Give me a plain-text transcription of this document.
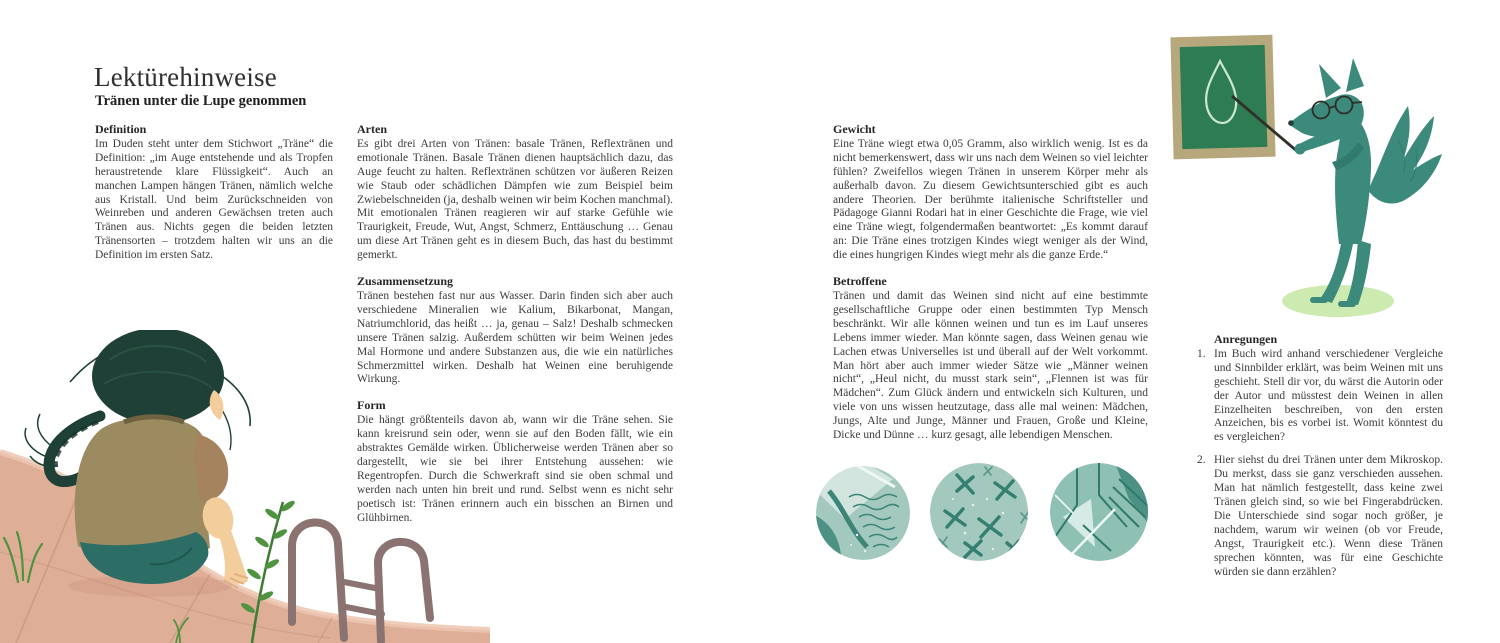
Lektürehinweise
Tränen unter die Lupe genommen
Definition

Im Duden steht unter dem Stichwort „Träne“ die Definition: „im Auge entstehende und als Tropfen heraustretende klare Flüssigkeit“. Auch an manchen Lampen hängen Tränen, nämlich welche aus Kristall. Und beim Zurückschneiden von Weinreben und anderen Gewächsen treten auch Tränen aus. Nichts gegen die beiden letzten Tränensorten – trotzdem halten wir uns an die Definition im ersten Satz.

Arten

Es gibt drei Arten von Tränen: basale Tränen, Reflextränen und emotionale Tränen. Basale Tränen dienen hauptsächlich dazu, das Auge feucht zu halten. Reflextränen schützen vor äußeren Reizen wie Staub oder schädlichen Dämpfen wie zum Beispiel beim Zwiebelschneiden (ja, deshalb weinen wir beim Kochen manchmal). Mit emotionalen Tränen reagieren wir auf starke Gefühle wie Traurigkeit, Freude, Wut, Angst, Schmerz, Enttäuschung … Genau um diese Art Tränen geht es in diesem Buch, das hast du bestimmt gemerkt.

Zusammensetzung

Tränen bestehen fast nur aus Wasser. Darin finden sich aber auch verschiedene Mineralien wie Kalium, Bikarbonat, Mangan, Natriumchlorid, das heißt … ja, genau – Salz! Deshalb schmecken unsere Tränen salzig. Außerdem schütten wir beim Weinen jedes Mal Hormone und andere Substanzen aus, die wie ein natürliches Schmerzmittel wirken. Deshalb hat Weinen eine beruhigende Wirkung.

Form

Die hängt größtenteils davon ab, wann wir die Träne sehen. Sie kann kreisrund sein oder, wenn sie auf den Boden fällt, wie ein abstraktes Gemälde wirken. Üblicherweise werden Tränen aber so dargestellt, wie sie bei ihrer Entstehung aussehen: wie Regentropfen. Durch die Schwerkraft sind sie oben schmal und werden nach unten hin breit und rund. Selbst wenn es nicht sehr poetisch ist: Tränen erinnern auch ein bisschen an Birnen und Glühbirnen.

Gewicht

Eine Träne wiegt etwa 0,05 Gramm, also wirklich wenig. Ist es da nicht bemerkenswert, dass wir uns nach dem Weinen so viel leichter fühlen? Zweifellos wiegen Tränen in unserem Körper mehr als außerhalb davon. Zu diesem Gewichtsunterschied gibt es auch andere Theorien. Der berühmte italienische Schriftsteller und Pädagoge Gianni Rodari hat in einer Geschichte die Frage, wie viel eine Träne wiegt, folgendermaßen beantwortet: „Es kommt darauf an: Die Träne eines trotzigen Kindes wiegt weniger als der Wind, die eines hungrigen Kindes wiegt mehr als die ganze Erde.“

Betroffene

Tränen und damit das Weinen sind nicht auf eine bestimmte gesellschaftliche Gruppe oder einen bestimmten Typ Mensch beschränkt. Wir alle können weinen und tun es im Lauf unseres Lebens immer wieder. Man könnte sagen, dass Weinen genau wie Lachen etwas Universelles ist und überall auf der Welt vorkommt. Man hört aber auch immer wieder Sätze wie „Männer weinen nicht“, „Heul nicht, du musst stark sein“, „Flennen ist was für Mädchen“. Zum Glück ändern und entwickeln sich Kulturen, und viele von uns wissen heutzutage, dass alle mal weinen: Mädchen, Jungs, Alte und Junge, Männer und Frauen, Große und Kleine, Dicke und Dünne … kurz gesagt, alle lebendigen Menschen.

Anregungen
1. Im Buch wird anhand verschiedener Vergleiche und Sinnbilder erklärt, was beim Weinen mit uns geschieht. Stell dir vor, du wärst die Autorin oder der Autor und müsstest dein Weinen in allen Einzelheiten beschreiben, von den ersten Anzeichen, bis es vorbei ist. Womit könntest du es vergleichen?

2. Hier siehst du drei Tränen unter dem Mikroskop. Du merkst, dass sie ganz verschieden aussehen. Man hat nämlich festgestellt, dass keine zwei Tränen gleich sind, so wie bei Fingerabdrücken. Die Unterschiede sind sogar noch größer, je nachdem, warum wir weinen (ob vor Freude, Angst, Traurigkeit etc.). Wenn diese Tränen sprechen könnten, was für eine Geschichte würden sie dann erzählen?
